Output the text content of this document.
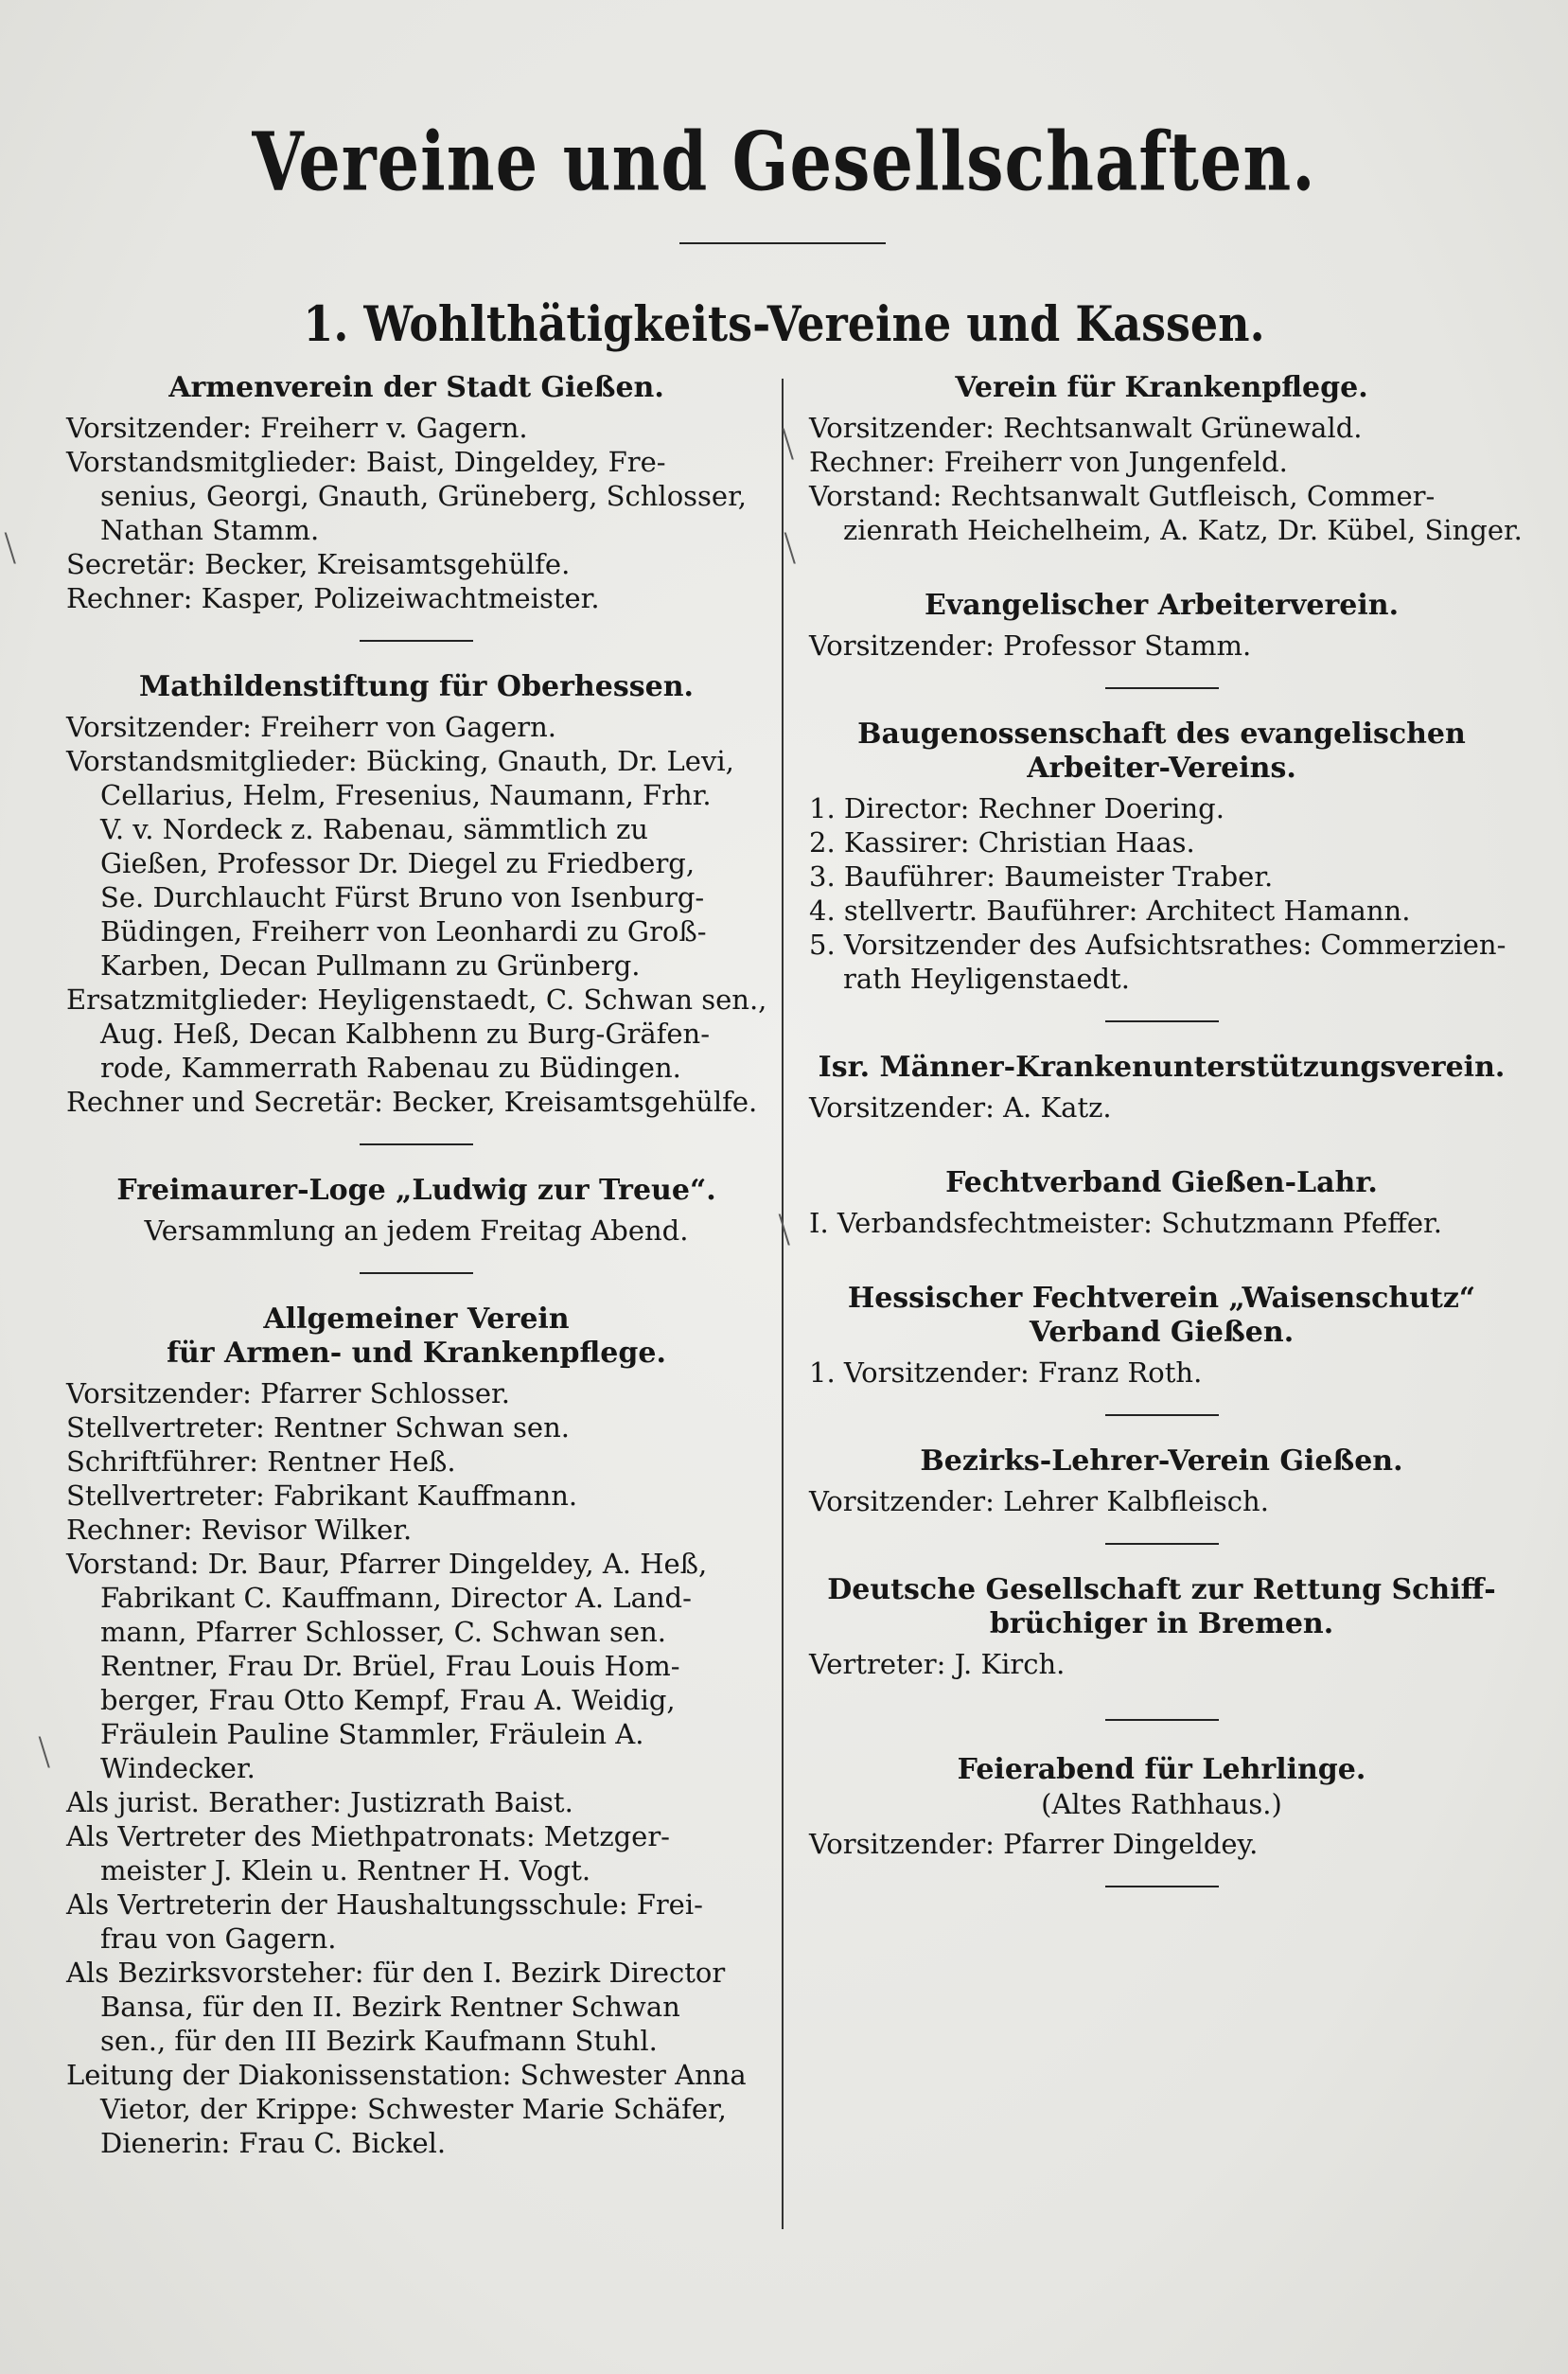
Vereine und Gesellschaften.
1. Wohlthätigkeits-Vereine und Kassen.

Armenverein der Stadt Gießen.

Vorsitzender: Freiherr v. Gagern.

Vorstandsmitglieder: Baist, Dingeldey, Fre-

senius, Georgi, Gnauth, Grüneberg, Schlosser,

Nathan Stamm.

Secretär: Becker, Kreisamtsgehülfe.

Rechner: Kasper, Polizeiwachtmeister.

Mathildenstiftung für Oberhessen.

Vorsitzender: Freiherr von Gagern.

Vorstandsmitglieder: Bücking, Gnauth, Dr. Levi,

Cellarius, Helm, Fresenius, Naumann, Frhr.

V. v. Nordeck z. Rabenau, sämmtlich zu

Gießen, Professor Dr. Diegel zu Friedberg,

Se. Durchlaucht Fürst Bruno von Isenburg-

Büdingen, Freiherr von Leonhardi zu Groß-

Karben, Decan Pullmann zu Grünberg.

Ersatzmitglieder: Heyligenstaedt, C. Schwan sen.,

Aug. Heß, Decan Kalbhenn zu Burg-Gräfen-

rode, Kammerrath Rabenau zu Büdingen.

Rechner und Secretär: Becker, Kreisamtsgehülfe.

Freimaurer-Loge „Ludwig zur Treue“.

Versammlung an jedem Freitag Abend.

Allgemeiner Verein

für Armen- und Krankenpflege.

Vorsitzender: Pfarrer Schlosser.

Stellvertreter: Rentner Schwan sen.

Schriftführer: Rentner Heß.

Stellvertreter: Fabrikant Kauffmann.

Rechner: Revisor Wilker.

Vorstand: Dr. Baur, Pfarrer Dingeldey, A. Heß,

Fabrikant C. Kauffmann, Director A. Land-

mann, Pfarrer Schlosser, C. Schwan sen.

Rentner, Frau Dr. Brüel, Frau Louis Hom-

berger, Frau Otto Kempf, Frau A. Weidig,

Fräulein Pauline Stammler, Fräulein A.

Windecker.

Als jurist. Berather: Justizrath Baist.

Als Vertreter des Miethpatronats: Metzger-

meister J. Klein u. Rentner H. Vogt.

Als Vertreterin der Haushaltungsschule: Frei-

frau von Gagern.

Als Bezirksvorsteher: für den I. Bezirk Director

Bansa, für den II. Bezirk Rentner Schwan

sen., für den III Bezirk Kaufmann Stuhl.

Leitung der Diakonissenstation: Schwester Anna

Vietor, der Krippe: Schwester Marie Schäfer,

Dienerin: Frau C. Bickel.

Verein für Krankenpflege.

Vorsitzender: Rechtsanwalt Grünewald.

Rechner: Freiherr von Jungenfeld.

Vorstand: Rechtsanwalt Gutfleisch, Commer-

zienrath Heichelheim, A. Katz, Dr. Kübel, Singer.

Evangelischer Arbeiterverein.

Vorsitzender: Professor Stamm.

Baugenossenschaft des evangelischen

Arbeiter-Vereins.

1. Director: Rechner Doering.

2. Kassirer: Christian Haas.

3. Bauführer: Baumeister Traber.

4. stellvertr. Bauführer: Architect Hamann.

5. Vorsitzender des Aufsichtsrathes: Commerzien-

rath Heyligenstaedt.

Isr. Männer-Krankenunterstützungsverein.

Vorsitzender: A. Katz.

Fechtverband Gießen-Lahr.

I. Verbandsfechtmeister: Schutzmann Pfeffer.

Hessischer Fechtverein „Waisenschutz“

Verband Gießen.

1. Vorsitzender: Franz Roth.

Bezirks-Lehrer-Verein Gießen.

Vorsitzender: Lehrer Kalbfleisch.

Deutsche Gesellschaft zur Rettung Schiff-

brüchiger in Bremen.

Vertreter: J. Kirch.

Feierabend für Lehrlinge.

(Altes Rathhaus.)

Vorsitzender: Pfarrer Dingeldey.

\
\
\
\
\
